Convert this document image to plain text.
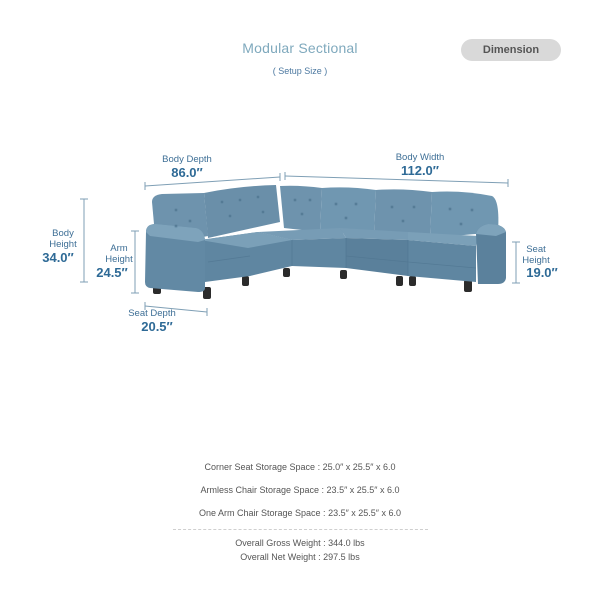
Modular Sectional
( Setup Size )
Dimension
Body Depth
86.0″
Body Width
112.0″
Body
Height
34.0″
Arm
Height
24.5″
Seat
Height
19.0″
Seat Depth
20.5″
Corner Seat Storage Space : 25.0″ x 25.5″ x 6.0
Armless Chair Storage Space : 23.5″ x 25.5″ x 6.0
One Arm Chair Storage Space : 23.5″ x 25.5″ x 6.0
Overall Gross Weight : 344.0 lbs
Overall Net Weight : 297.5 lbs
